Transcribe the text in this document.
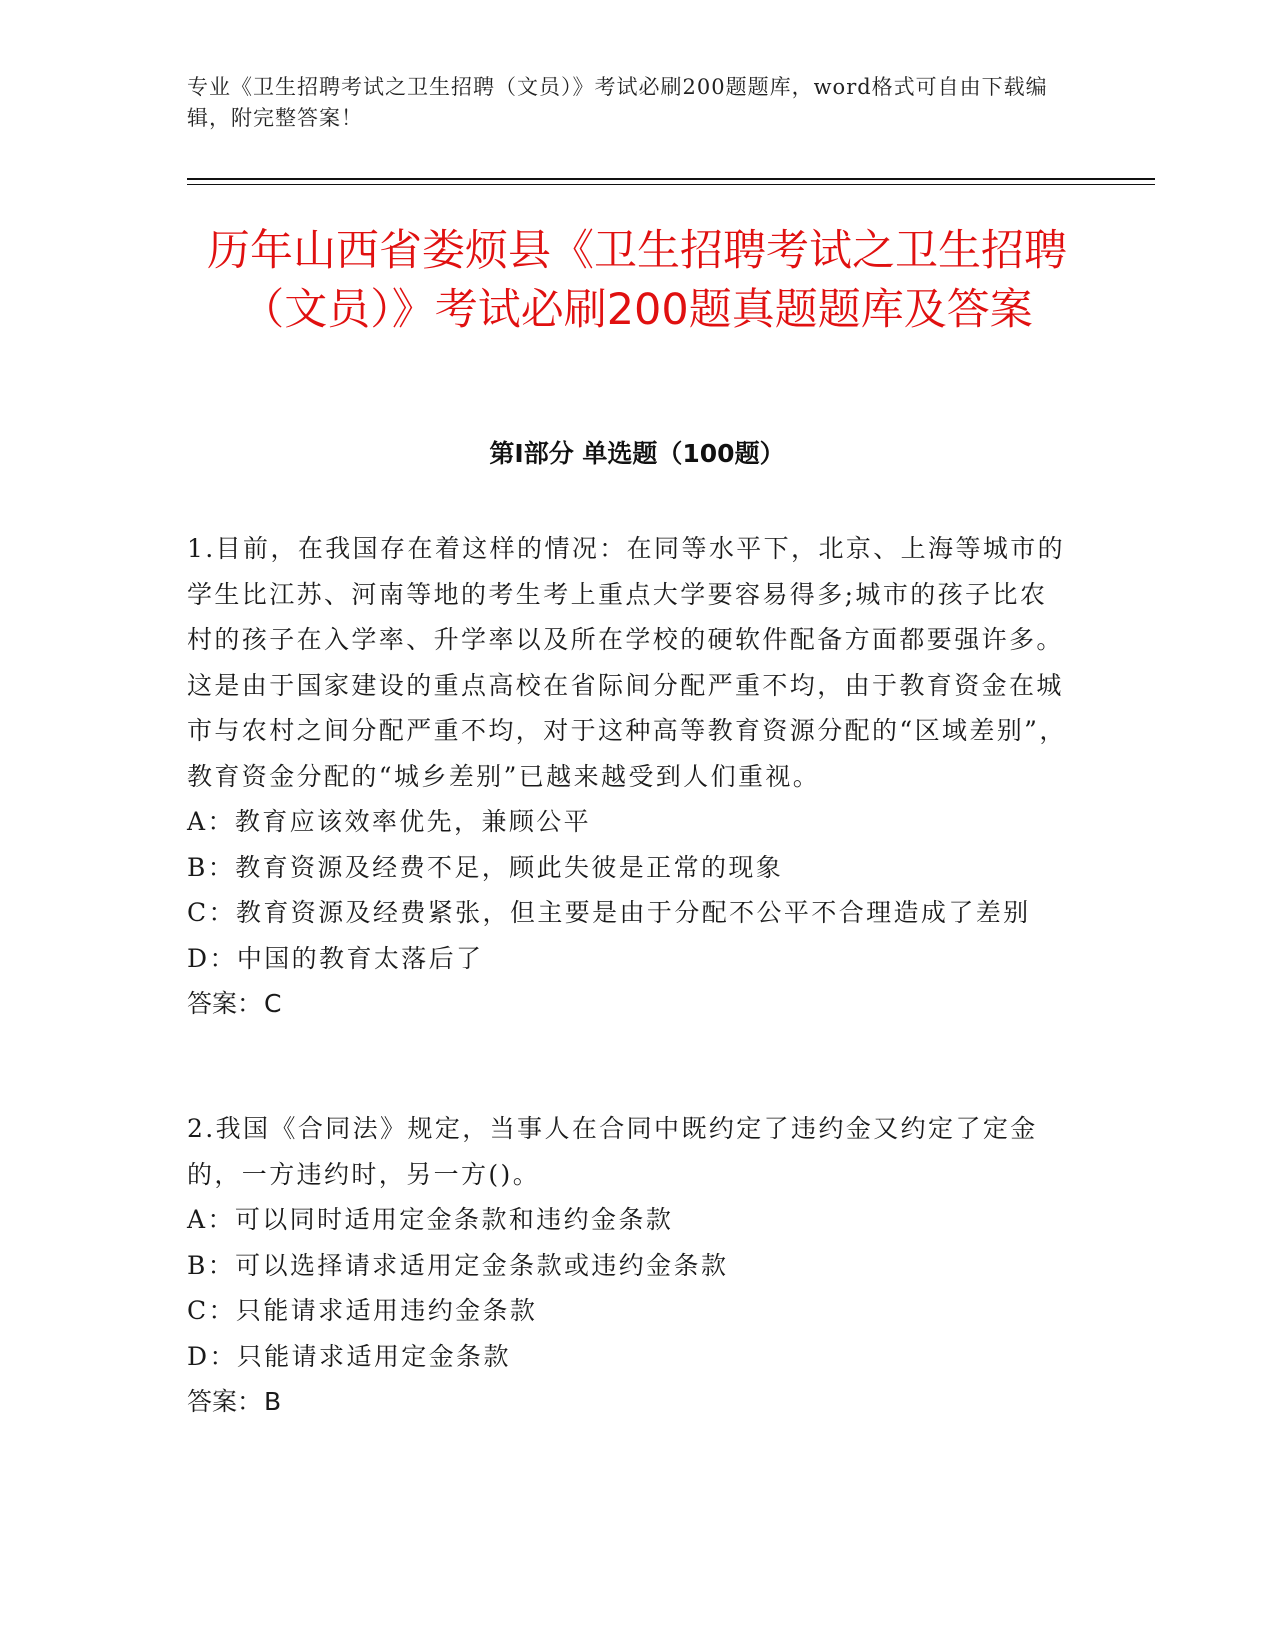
专业《卫生招聘考试之卫生招聘（文员）》考试必刷200题题库，word格式可自由下载编辑，附完整答案！
历年山西省娄烦县《卫生招聘考试之卫生招聘（文员）》考试必刷200题真题题库及答案
第Ⅰ部分 单选题（100题）

1.目前，在我国存在着这样的情况：在同等水平下，北京、上海等城市的学生比江苏、河南等地的考生考上重点大学要容易得多;城市的孩子比农村的孩子在入学率、升学率以及所在学校的硬软件配备方面都要强许多。这是由于国家建设的重点高校在省际间分配严重不均，由于教育资金在城市与农村之间分配严重不均，对于这种高等教育资源分配的“区域差别”，教育资金分配的“城乡差别”已越来越受到人们重视。

A：教育应该效率优先，兼顾公平

B：教育资源及经费不足，顾此失彼是正常的现象

C：教育资源及经费紧张，但主要是由于分配不公平不合理造成了差别

D：中国的教育太落后了

答案：C

2.我国《合同法》规定，当事人在合同中既约定了违约金又约定了定金的，一方违约时，另一方()。

A：可以同时适用定金条款和违约金条款

B：可以选择请求适用定金条款或违约金条款

C：只能请求适用违约金条款

D：只能请求适用定金条款

答案：B
